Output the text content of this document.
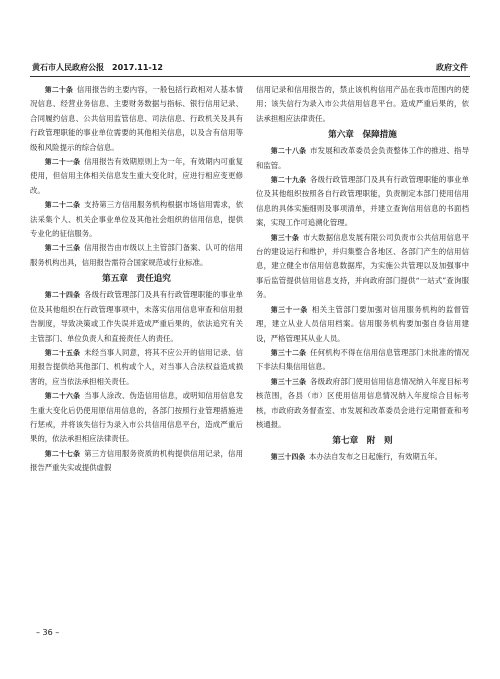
黄石市人民政府公报　2017.11-12	政府文件

第二十条  信用报告的主要内容，一般包括行政相对人基本情况信息、经营业务信息、主要财务数据与指标、银行信用记录、合同履约信息、公共信用监管信息、司法信息、行政机关及具有行政管理职能的事业单位需要的其他相关信息，以及含有信用等级和风险提示的综合信息。

第二十一条  信用报告有效期原则上为一年，有效期内可重复使用，但信用主体相关信息发生重大变化时，应进行相应变更修改。

第二十二条  支持第三方信用服务机构根据市场信用需求，依法采集个人、机关企事业单位及其他社会组织的信用信息，提供专业化的征信服务。

第二十三条  信用报告由市级以上主管部门备案、认可的信用服务机构出具，信用报告需符合国家规范或行业标准。

第五章　责任追究

第二十四条  各级行政管理部门及具有行政管理职能的事业单位及其他组织在行政管理事项中，未落实信用信息审查和信用报告制度，导致决策或工作失误并造成严重后果的，依法追究有关主管部门、单位负责人和直接责任人的责任。

第二十五条  未经当事人同意，将其不应公开的信用记录、信用报告提供给其他部门、机构或个人，对当事人合法权益造成损害的，应当依法承担相关责任。

第二十六条  当事人涂改、伪造信用信息，或明知信用信息发生重大变化后仍使用原信用信息的，各部门按照行业管理措施进行惩戒，并将该失信行为录入市公共信用信息平台，造成严重后果的，依法承担相应法律责任。

第二十七条  第三方信用服务资质的机构提供信用记录，信用报告严重失实或提供虚假

信用记录和信用报告的，禁止该机构信用产品在我市范围内的使用；该失信行为录入市公共信用信息平台。造成严重后果的，依法承担相应法律责任。

第六章　保障措施

第二十八条  市发展和改革委员会负责整体工作的推进、指导和监管。

第二十九条  各级行政管理部门及具有行政管理职能的事业单位及其他组织按照各自行政管理职能，负责制定本部门使用信用信息的具体实施细则及事项清单，并建立查询信用信息的书面档案，实现工作可追溯化管理。

第三十条  市大数据信息发展有限公司负责市公共信用信息平台的建设运行和维护，并归集整合各地区、各部门产生的信用信息，建立健全市信用信息数据库，为实施公共管理以及加强事中事后监管提供信用信息支持，并向政府部门提供“一站式”查询服务。

第三十一条  相关主管部门要加强对信用服务机构的监督管理，建立从业人员信用档案。信用服务机构要加强自身信用建设，严格管理其从业人员。

第三十二条  任何机构不得在信用信息管理部门未批准的情况下非法归集信用信息。

第三十三条  各级政府部门使用信用信息情况纳入年度目标考核范围，各县（市）区使用信用信息情况纳入年度综合目标考核，市政府政务督查室、市发展和改革委员会进行定期督查和考核通报。

第七章　附　则

第三十四条  本办法自发布之日起施行，有效期五年。

– 36 –
